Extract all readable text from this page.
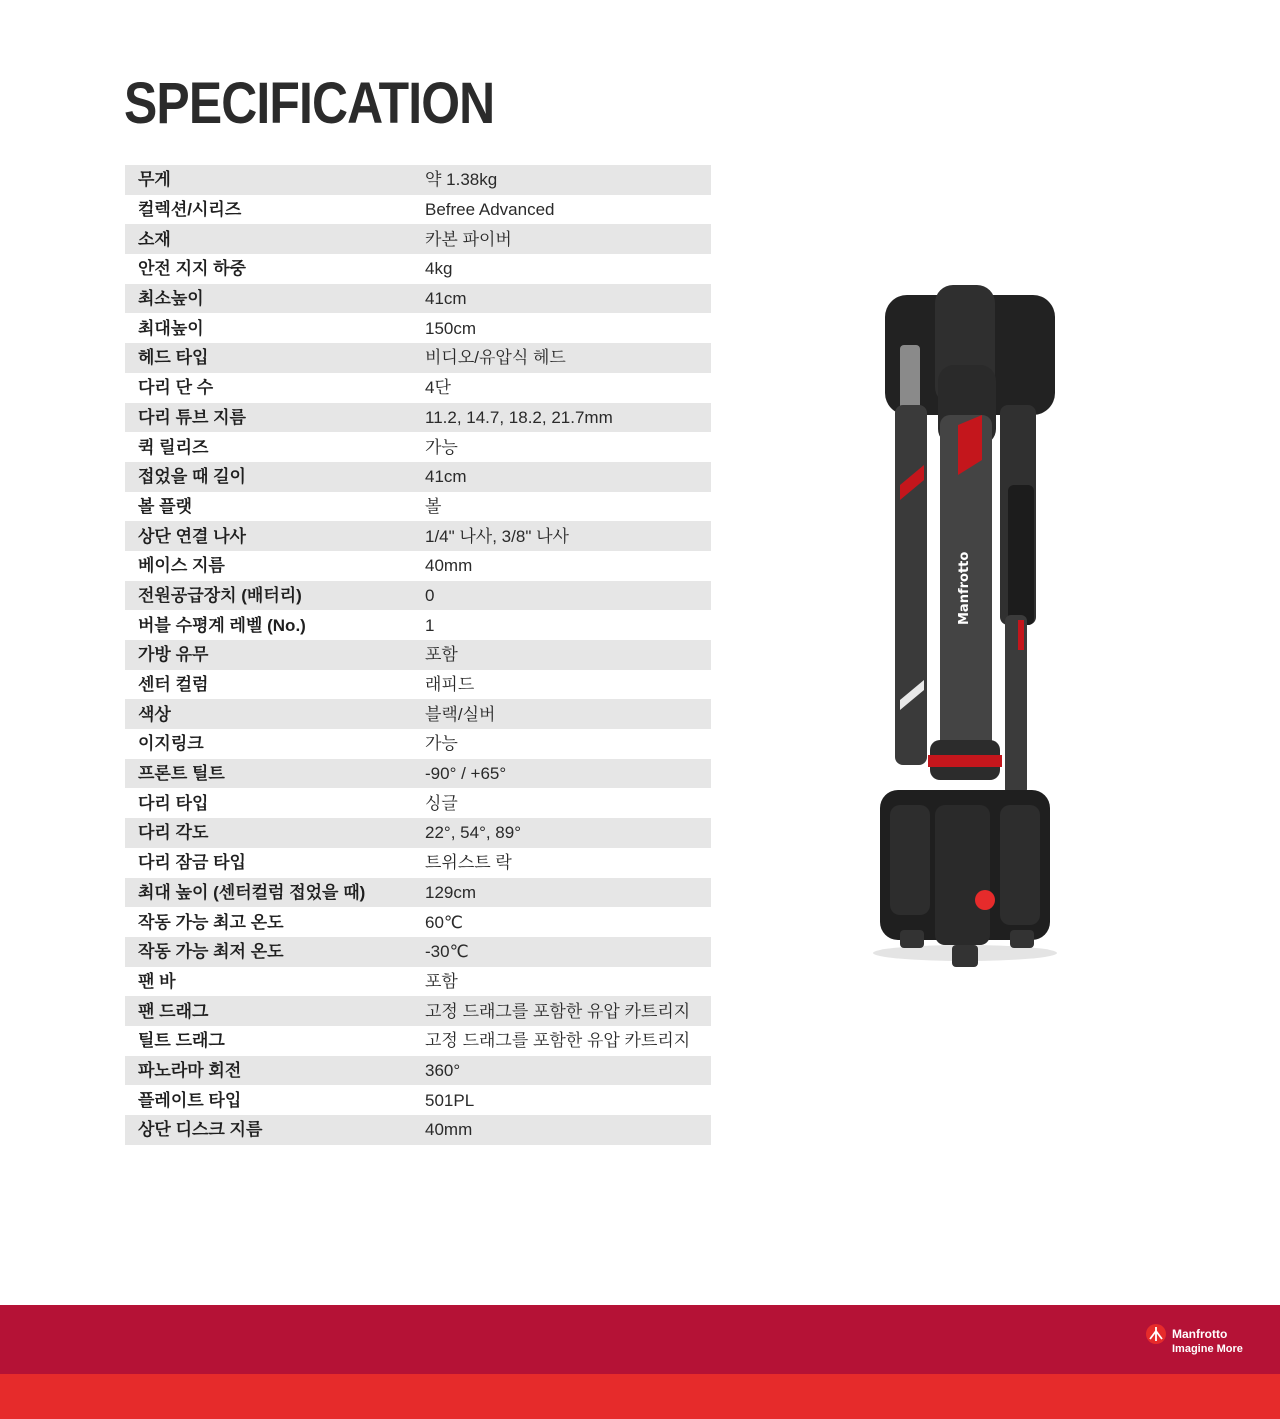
SPECIFICATION
무게	약 1.38kg
컬렉션/시리즈	Befree Advanced
소재	카본 파이버
안전 지지 하중	4kg
최소높이	41cm
최대높이	150cm
헤드 타입	비디오/유압식 헤드
다리 단 수	4단
다리 튜브 지름	11.2, 14.7, 18.2, 21.7mm
퀵 릴리즈	가능
접었을 때 길이	41cm
볼 플랫	볼
상단 연결 나사	1/4" 나사, 3/8" 나사
베이스 지름	40mm
전원공급장치 (배터리)	0
버블 수평계 레벨 (No.)	1
가방 유무	포함
센터 컬럼	래피드
색상	블랙/실버
이지링크	가능
프론트 틸트	-90° / +65°
다리 타입	싱글
다리 각도	22°, 54°, 89°
다리 잠금 타입	트위스트 락
최대 높이 (센터컬럼 접었을 때)	129cm
작동 가능 최고 온도	60℃
작동 가능 최저 온도	-30℃
팬 바	포함
팬 드래그	고정 드래그를 포함한 유압 카트리지
틸트 드래그	고정 드래그를 포함한 유압 카트리지
파노라마 회전	360°
플레이트 타입	501PL
상단 디스크 지름	40mm
Manfrotto
Manfrotto
Imagine More
